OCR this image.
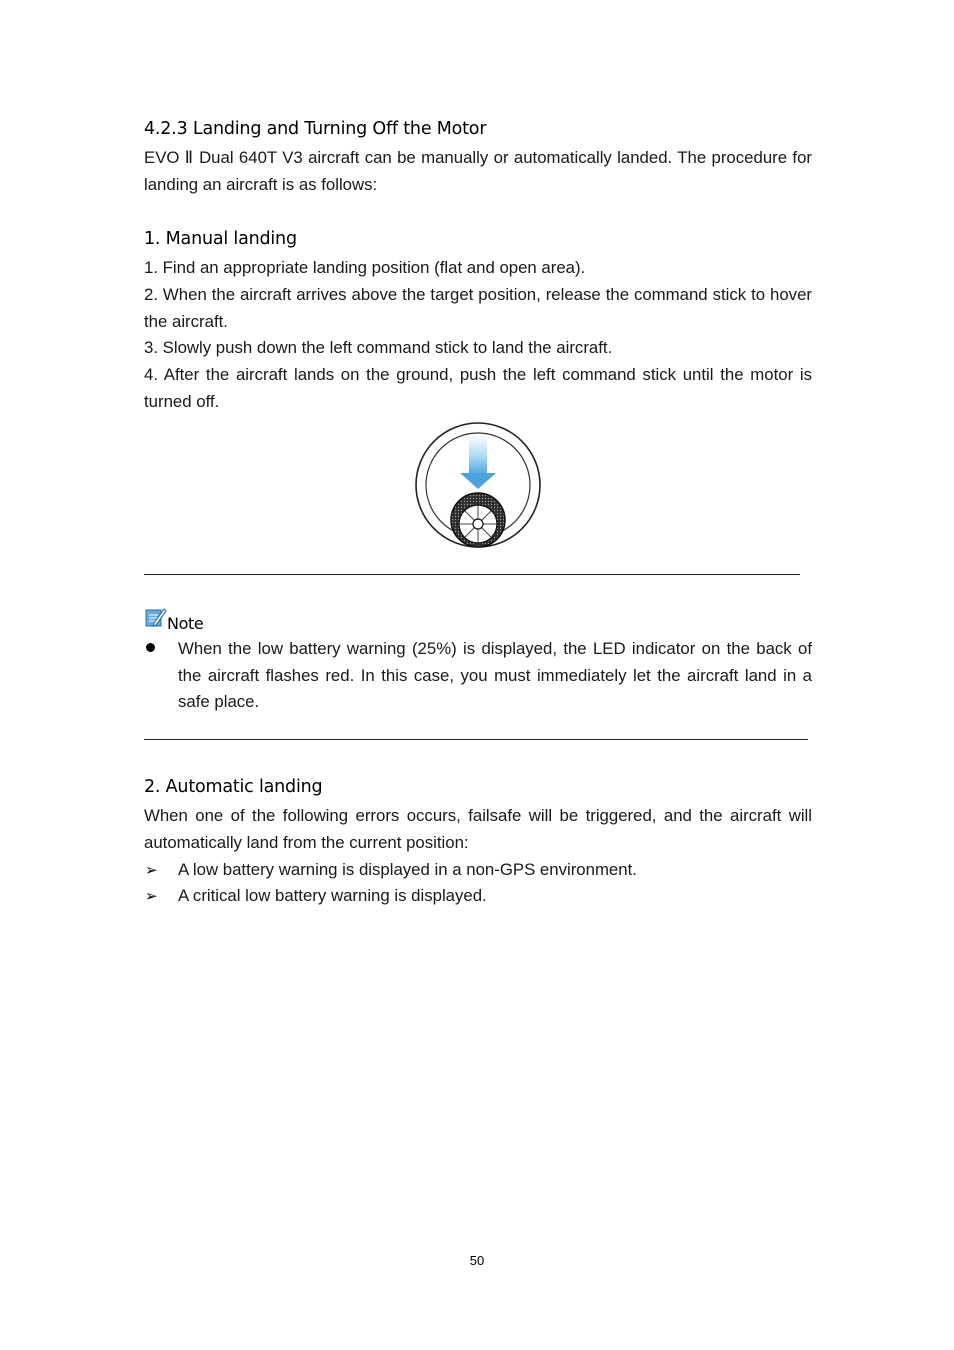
4.2.3 Landing and Turning Off the Motor
EVO Ⅱ Dual 640T V3 aircraft can be manually or automatically landed. The procedure for landing an aircraft is as follows:
1. Manual landing
1. Find an appropriate landing position (flat and open area).
2. When the aircraft arrives above the target position, release the command stick to hover the aircraft.
3. Slowly push down the left command stick to land the aircraft.
4. After the aircraft lands on the ground, push the left command stick until the motor is turned off.
Note
When the low battery warning (25%) is displayed, the LED indicator on the back of the aircraft flashes red. In this case, you must immediately let the aircraft land in a safe place.
2. Automatic landing
When one of the following errors occurs, failsafe will be triggered, and the aircraft will automatically land from the current position:
➢ A low battery warning is displayed in a non-GPS environment.
➢ A critical low battery warning is displayed.
50
